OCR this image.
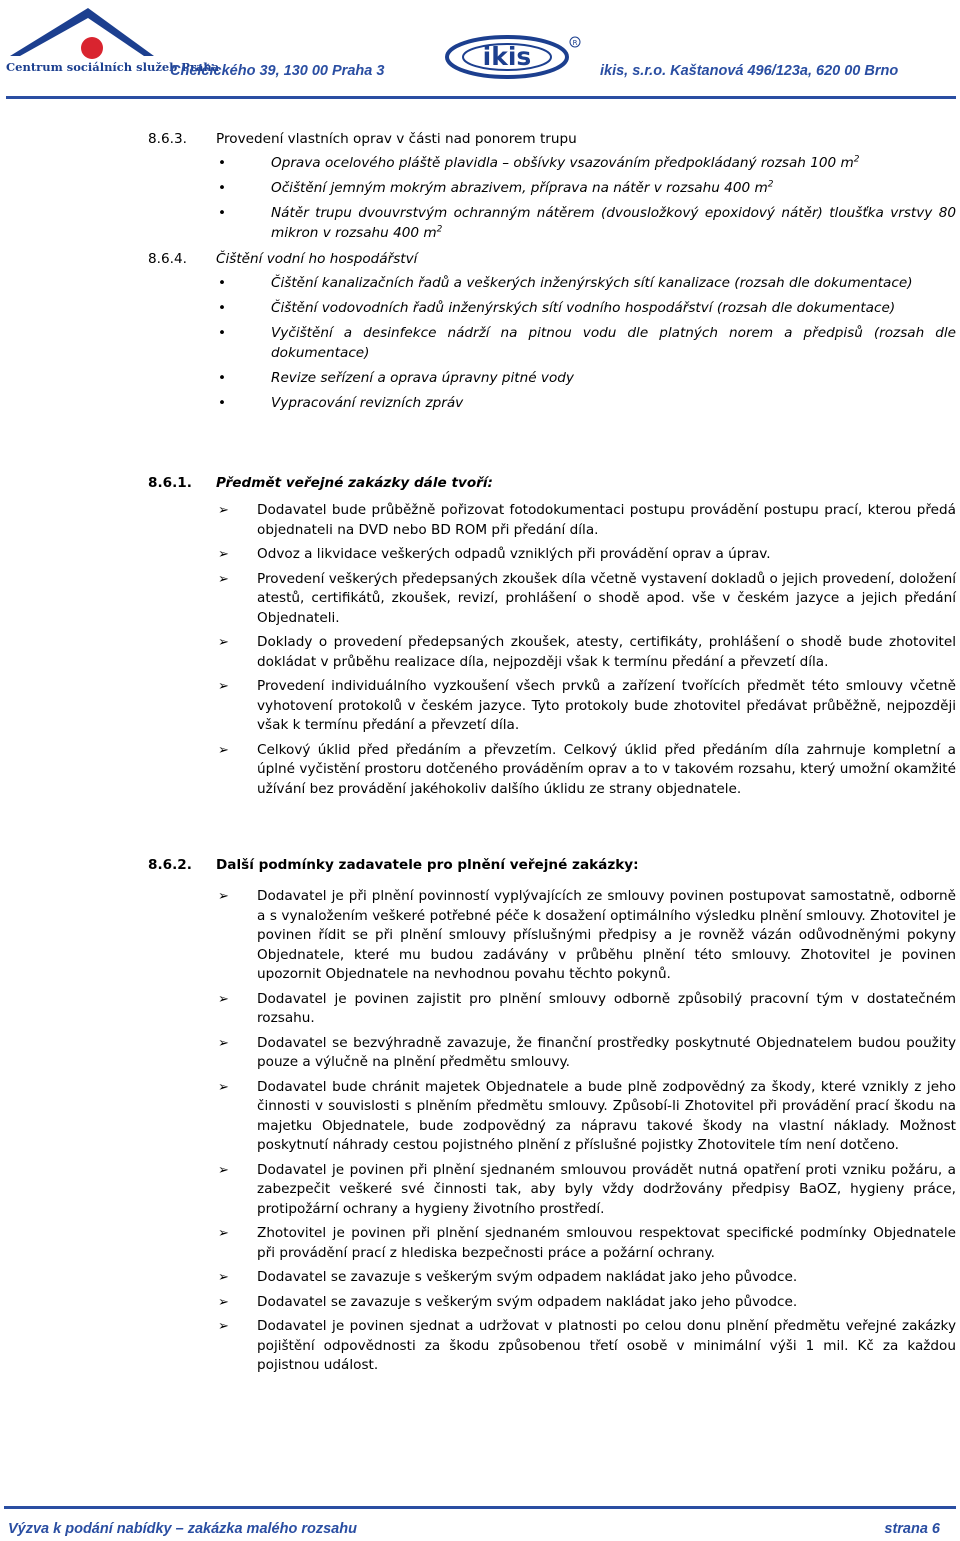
Centrum sociálních služeb Praha
Chelčického 39, 130 00 Praha 3	ikis	R
ikis, s.r.o. Kaštanová 496/123a, 620 00 Brno
8.6.3. Provedení vlastních oprav v části nad ponorem trupu
•	Oprava ocelového pláště plavidla – obšívky vsazováním předpokládaný rozsah 100 $m^2$
•	Očištění jemným mokrým abrazivem, příprava na nátěr v rozsahu 400 $m^2$
•	Nátěr trupu dvouvrstvým ochranným nátěrem (dvousložkový epoxidový nátěr) tloušťka vrstvy 80 mikron v rozsahu 400 $m^2$
8.6.4. Čištění vodní ho hospodářství
•	Čištění kanalizačních řadů a veškerých inženýrských sítí kanalizace (rozsah dle dokumentace)
•	Čištění vodovodních řadů inženýrských sítí vodního hospodářství (rozsah dle dokumentace)
•	Vyčištění a desinfekce nádrží na pitnou vodu dle platných norem a předpisů (rozsah dle dokumentace)
•	Revize seřízení a oprava úpravny pitné vody
•	Vypracování revizních zpráv
8.6.1. Předmět veřejné zakázky dále tvoří:
➢ Dodavatel bude průběžně pořizovat fotodokumentaci postupu provádění postupu prací, kterou předá objednateli na DVD nebo BD ROM při předání díla.
➢ Odvoz a likvidace veškerých odpadů vzniklých při provádění oprav a úprav.
➢ Provedení veškerých předepsaných zkoušek díla včetně vystavení dokladů o jejich provedení, doložení atestů, certifikátů, zkoušek, revizí, prohlášení o shodě apod. vše v českém jazyce a jejich předání Objednateli.
➢ Doklady o provedení předepsaných zkoušek, atesty, certifikáty, prohlášení o shodě bude zhotovitel dokládat v průběhu realizace díla, nejpozději však k termínu předání a převzetí díla.
➢ Provedení individuálního vyzkoušení všech prvků a zařízení tvořících předmět této smlouvy včetně vyhotovení protokolů v českém jazyce. Tyto protokoly bude zhotovitel předávat průběžně, nejpozději však k termínu předání a převzetí díla.
➢ Celkový úklid před předáním a převzetím. Celkový úklid před předáním díla zahrnuje kompletní a úplné vyčistění prostoru dotčeného prováděním oprav a to v takovém rozsahu, který umožní okamžité užívání bez provádění jakéhokoliv dalšího úklidu ze strany objednatele.
8.6.2. Další podmínky zadavatele pro plnění veřejné zakázky:
➢ Dodavatel je při plnění povinností vyplývajících ze smlouvy povinen postupovat samostatně, odborně a s vynaložením veškeré potřebné péče k dosažení optimálního výsledku plnění smlouvy. Zhotovitel je povinen řídit se při plnění smlouvy příslušnými předpisy a je rovněž vázán odůvodněnými pokyny Objednatele, které mu budou zadávány v průběhu plnění této smlouvy. Zhotovitel je povinen upozornit Objednatele na nevhodnou povahu těchto pokynů.
➢ Dodavatel je povinen zajistit pro plnění smlouvy odborně způsobilý pracovní tým v dostatečném rozsahu.
➢ Dodavatel se bezvýhradně zavazuje, že finanční prostředky poskytnuté Objednatelem budou použity pouze a výlučně na plnění předmětu smlouvy.
➢ Dodavatel bude chránit majetek Objednatele a bude plně zodpovědný za škody, které vznikly z jeho činnosti v souvislosti s plněním předmětu smlouvy. Způsobí-li Zhotovitel při provádění prací škodu na majetku Objednatele, bude zodpovědný za nápravu takové škody na vlastní náklady. Možnost poskytnutí náhrady cestou pojistného plnění z příslušné pojistky Zhotovitele tím není dotčeno.
➢ Dodavatel je povinen při plnění sjednaném smlouvou provádět nutná opatření proti vzniku požáru, a zabezpečit veškeré své činnosti tak, aby byly vždy dodržovány předpisy BaOZ, hygieny práce, protipožární ochrany a hygieny životního prostředí.
➢ Zhotovitel je povinen při plnění sjednaném smlouvou respektovat specifické podmínky Objednatele při provádění prací z hlediska bezpečnosti práce a požární ochrany.
➢ Dodavatel se zavazuje s veškerým svým odpadem nakládat jako jeho původce.
➢ Dodavatel se zavazuje s veškerým svým odpadem nakládat jako jeho původce.
➢ Dodavatel je povinen sjednat a udržovat v platnosti po celou donu plnění předmětu veřejné zakázky pojištění odpovědnosti za škodu způsobenou třetí osobě v minimální výši 1 mil. Kč za každou pojistnou událost.
Výzva k podání nabídky – zakázka malého rozsahu	strana 6
